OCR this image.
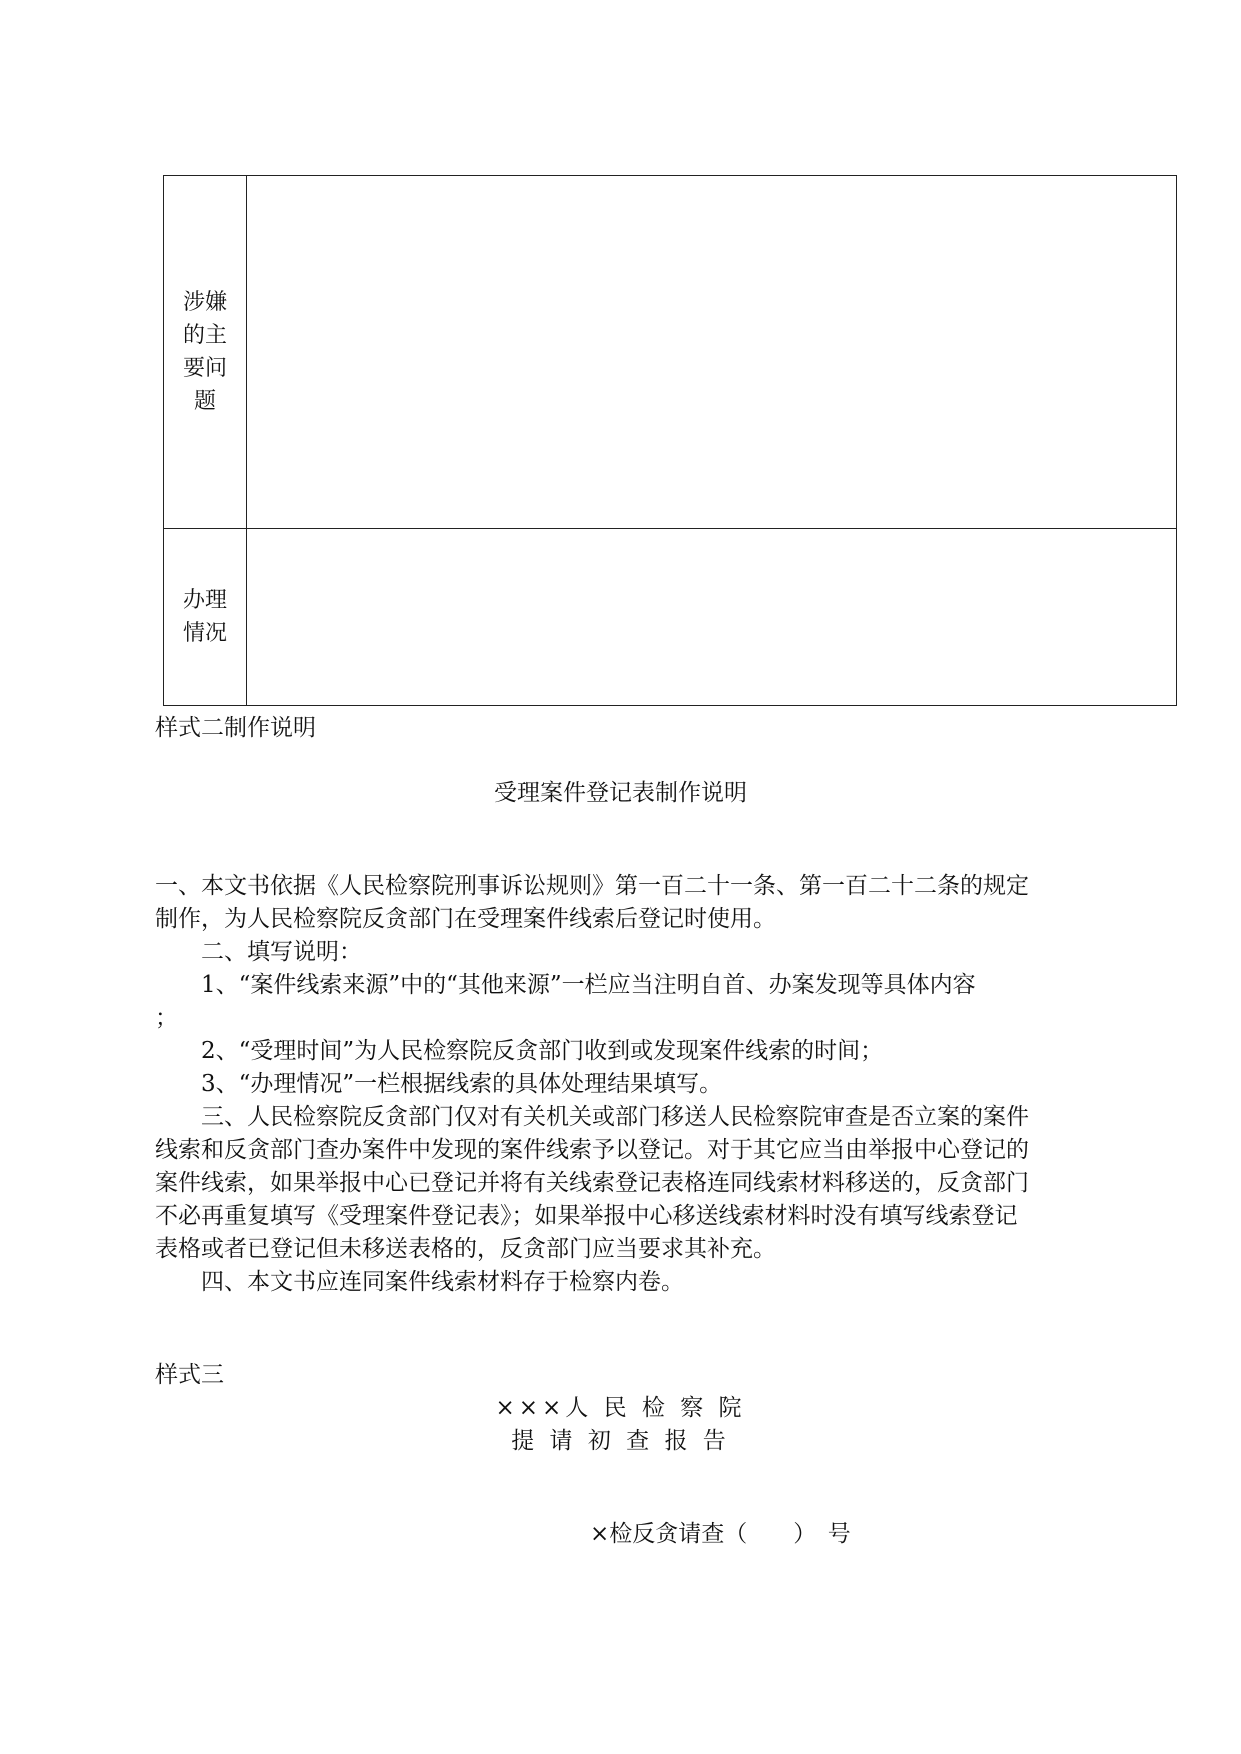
涉嫌
的主
要问
题	

办理
情况	

样式二制作说明
受理案件登记表制作说明
一、本文书依据《人民检察院刑事诉讼规则》第一百二十一条、第一百二十二条的规定
制作，为人民检察院反贪部门在受理案件线索后登记时使用。
二、填写说明：
1、“案件线索来源”中的“其他来源”一栏应当注明自首、办案发现等具体内容
；
2、“受理时间”为人民检察院反贪部门收到或发现案件线索的时间；
3、“办理情况”一栏根据线索的具体处理结果填写。
三、人民检察院反贪部门仅对有关机关或部门移送人民检察院审查是否立案的案件
线索和反贪部门查办案件中发现的案件线索予以登记。对于其它应当由举报中心登记的
案件线索，如果举报中心已登记并将有关线索登记表格连同线索材料移送的，反贪部门
不必再重复填写《受理案件登记表》；如果举报中心移送线索材料时没有填写线索登记
表格或者已登记但未移送表格的，反贪部门应当要求其补充。
四、本文书应连同案件线索材料存于检察内卷。
样式三
×××人 民 检 察 院
提 请 初 查 报 告
×检反贪请查（　　）　号
